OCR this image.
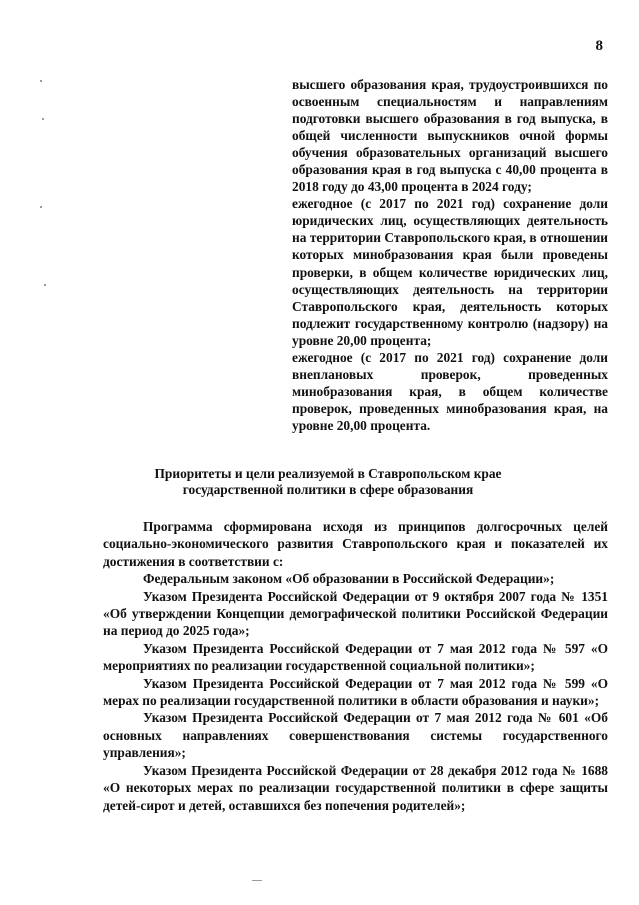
8

высшего образования края, трудоустроившихся по освоенным специальностям и направлениям подготовки высшего образования в год выпуска, в общей численности выпускников очной формы обучения образовательных организаций высшего образования края в год выпуска с 40,00 процента в 2018 году до 43,00 процента в 2024 году;

ежегодное (с 2017 по 2021 год) сохранение доли юридических лиц, осуществляющих деятельность на территории Ставропольского края, в отношении которых минобразования края были проведены проверки, в общем количестве юридических лиц, осуществляющих деятельность на территории Ставропольского края, деятельность которых подлежит государственному контролю (надзору) на уровне 20,00 процента;

ежегодное (с 2017 по 2021 год) сохранение доли внеплановых проверок, проведенных минобразования края, в общем количестве проверок, проведенных минобразования края, на уровне 20,00 процента.

Приоритеты и цели реализуемой в Ставропольском крае
государственной политики в сфере образования

Программа сформирована исходя из принципов долгосрочных целей социально-экономического развития Ставропольского края и показателей их достижения в соответствии с:

Федеральным законом «Об образовании в Российской Федерации»;

Указом Президента Российской Федерации от 9 октября 2007 года № 1351 «Об утверждении Концепции демографической политики Российской Федерации на период до 2025 года»;

Указом Президента Российской Федерации от 7 мая 2012 года № 597 «О мероприятиях по реализации государственной социальной политики»;

Указом Президента Российской Федерации от 7 мая 2012 года № 599 «О мерах по реализации государственной политики в области образования и науки»;

Указом Президента Российской Федерации от 7 мая 2012 года № 601 «Об основных направлениях совершенствования системы государственного управления»;

Указом Президента Российской Федерации от 28 декабря 2012 года № 1688 «О некоторых мерах по реализации государственной политики в сфере защиты детей-сирот и детей, оставшихся без попечения родителей»;
